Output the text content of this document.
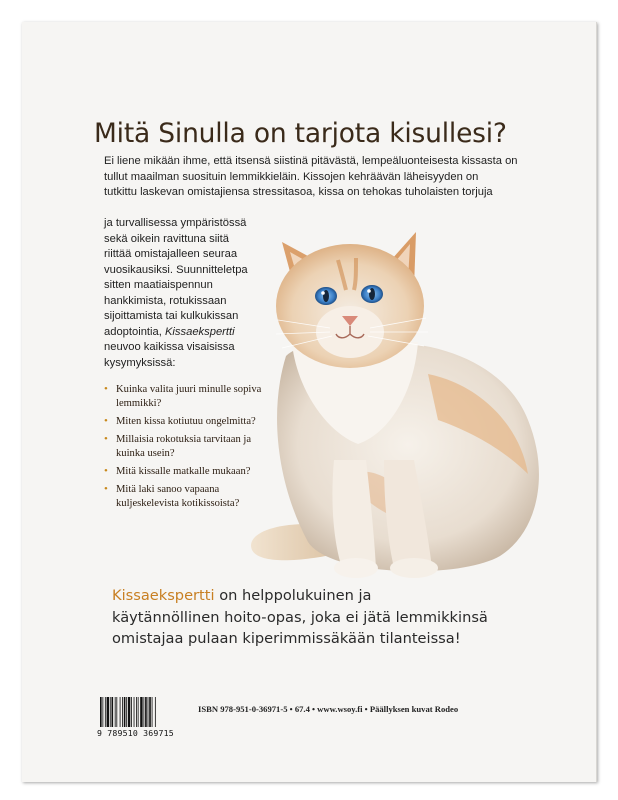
Mitä Sinulla on tarjota kisullesi?
Ei liene mikään ihme, että itsensä siistinä pitävästä, lempeäluonteisesta kissasta on
tullut maailman suosituin lemmikkieläin. Kissojen kehräävän läheisyyden on
tutkittu laskevan omistajiensa stressitasoa, kissa on tehokas tuholaisten torjuja
ja turvallisessa ympäristössä
sekä oikein ravittuna siitä
riittää omistajalleen seuraa
vuosikausiksi. Suunnitteletpa
sitten maatiaispennun
hankkimista, rotukissaan
sijoittamista tai kulkukissan
adoptointia, Kissaekspertti
neuvoo kaikissa visaisissa
kysymyksissä:
• Kuinka valita juuri minulle sopiva
lemmikki?
• Miten kissa kotiutuu ongelmitta?
• Millaisia rokotuksia tarvitaan ja
kuinka usein?
• Mitä kissalle matkalle mukaan?
• Mitä laki sanoo vapaana
kuljeskelevista kotikissoista?
Kissaekspertti on helppolukuinen ja
käytännöllinen hoito-opas, joka ei jätä lemmikkinsä
omistajaa pulaan kiperimmissäkään tilanteissa!
9 789510 369715
ISBN 978-951-0-36971-5 • 67.4 • www.wsoy.fi • Päällyksen kuvat Rodeo
